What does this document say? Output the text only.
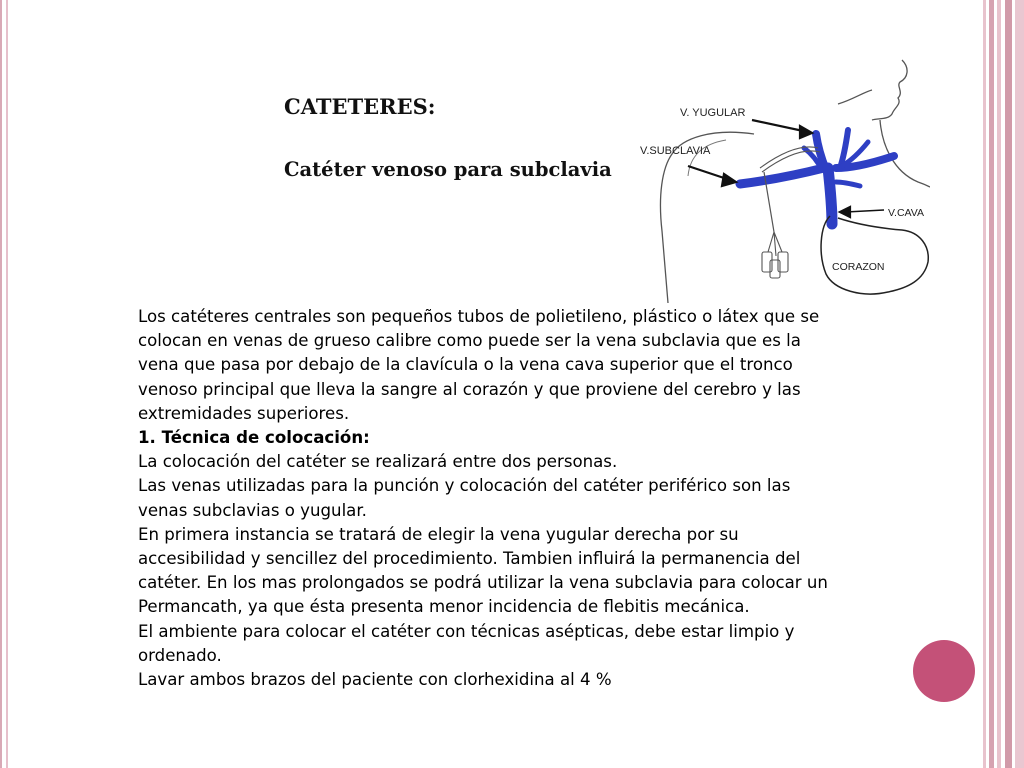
CATETERES:
Catéter venoso para subclavia
V. YUGULAR
V.SUBCLAVIA
V.CAVA
CORAZON

Los catéteres centrales son pequeños tubos de polietileno, plástico o látex que se colocan en venas de grueso calibre como puede ser la vena subclavia que es la vena que pasa por debajo de la clavícula o la vena cava superior que el tronco venoso principal que lleva la sangre al corazón y que proviene del cerebro y las extremidades superiores.

1. Técnica de colocación:

La colocación del catéter se realizará entre dos personas.

Las venas utilizadas para la punción y colocación del catéter periférico son las venas subclavias o yugular.

En primera instancia se tratará de elegir la vena yugular derecha por su accesibilidad y sencillez del procedimiento. Tambien influirá la permanencia del catéter. En los mas prolongados se podrá utilizar la vena subclavia para colocar un Permancath, ya que ésta presenta menor incidencia de flebitis mecánica.

El ambiente para colocar el catéter con técnicas asépticas, debe estar limpio y ordenado.

Lavar ambos brazos del paciente con clorhexidina al 4 %
